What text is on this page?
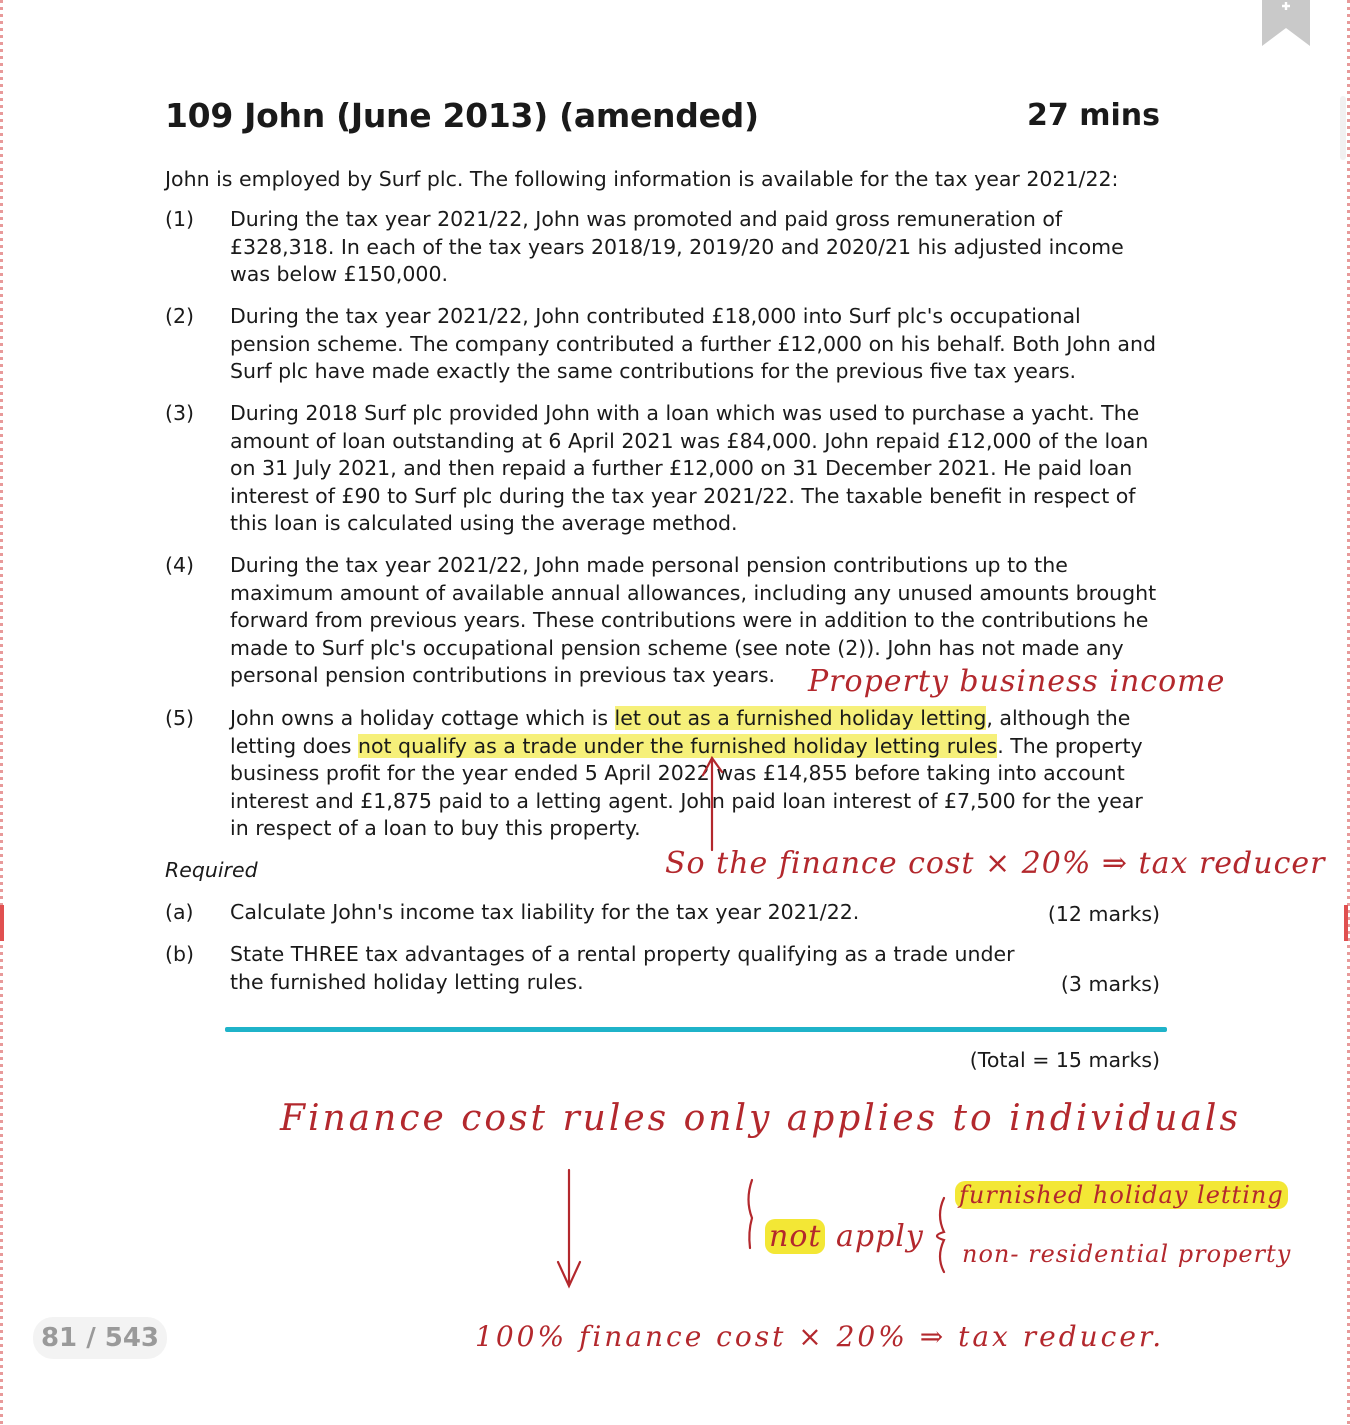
109 John (June 2013) (amended)	27 mins
John is employed by Surf plc. The following information is available for the tax year 2021/22:
(1) During the tax year 2021/22, John was promoted and paid gross remuneration of £328,318. In each of the tax years 2018/19, 2019/20 and 2020/21 his adjusted income was below £150,000.
(2) During the tax year 2021/22, John contributed £18,000 into Surf plc's occupational pension scheme. The company contributed a further £12,000 on his behalf. Both John and Surf plc have made exactly the same contributions for the previous five tax years.
(3) During 2018 Surf plc provided John with a loan which was used to purchase a yacht. The amount of loan outstanding at 6 April 2021 was £84,000. John repaid £12,000 of the loan on 31 July 2021, and then repaid a further £12,000 on 31 December 2021. He paid loan interest of £90 to Surf plc during the tax year 2021/22. The taxable benefit in respect of this loan is calculated using the average method.
(4) During the tax year 2021/22, John made personal pension contributions up to the maximum amount of available annual allowances, including any unused amounts brought forward from previous years. These contributions were in addition to the contributions he made to Surf plc's occupational pension scheme (see note (2)). John has not made any personal pension contributions in previous tax years.
(5) John owns a holiday cottage which is let out as a furnished holiday letting, although the letting does not qualify as a trade under the furnished holiday letting rules. The property business profit for the year ended 5 April 2022 was £14,855 before taking into account interest and £1,875 paid to a letting agent. John paid loan interest of £7,500 for the year in respect of a loan to buy this property.
Required
(a) Calculate John's income tax liability for the tax year 2021/22.	(12 marks)
(b) State THREE tax advantages of a rental property qualifying as a trade under the furnished holiday letting rules.	(3 marks)
(Total = 15 marks)
Property business income
So the finance cost × 20% ⇒ tax reducer
Finance cost rules only applies to individuals
not apply
furnished holiday letting
non- residential property
100% finance cost × 20% ⇒ tax reducer.
81 / 543
